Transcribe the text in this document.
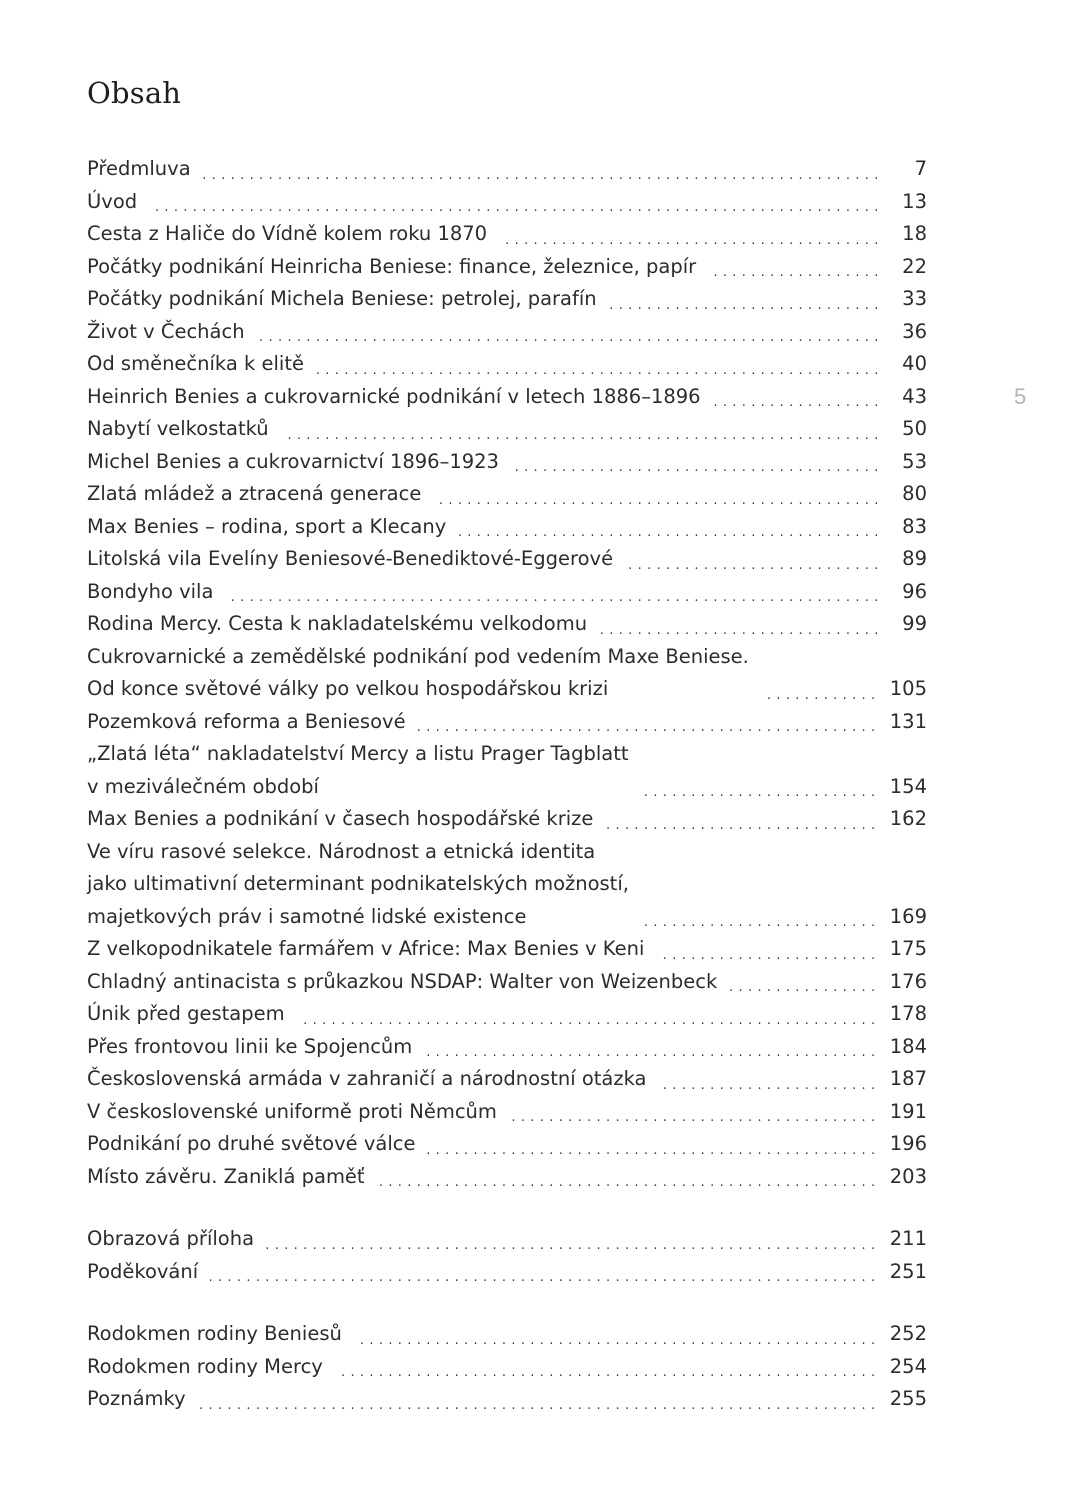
Obsah
5
Předmluva . . .	7
Úvod . . .	13
Cesta z Haliče do Vídně kolem roku 1870 . . .	18
Počátky podnikání Heinricha Beniese: finance, železnice, papír . . .	22
Počátky podnikání Michela Beniese: petrolej, parafín . . .	33
Život v Čechách . . .	36
Od směnečníka k elitě . . .	40
Heinrich Benies a cukrovarnické podnikání v letech 1886–1896 . . .	43
Nabytí velkostatků . . .	50
Michel Benies a cukrovarnictví 1896–1923 . . .	53
Zlatá mládež a ztracená generace . . .	80
Max Benies – rodina, sport a Klecany . . .	83
Litolská vila Evelíny Beniesové-Benediktové-Eggerové . . .	89
Bondyho vila . . .	96
Rodina Mercy. Cesta k nakladatelskému velkodomu . . .	99
Cukrovarnické a zemědělské podnikání pod vedením Maxe Beniese.
Od konce světové války po velkou hospodářskou krizi . . .	105
Pozemková reforma a Beniesové . . .	131
„Zlatá léta“ nakladatelství Mercy a listu Prager Tagblatt
v meziválečném období . . .	154
Max Benies a podnikání v časech hospodářské krize . . .	162
Ve víru rasové selekce. Národnost a etnická identita
jako ultimativní determinant podnikatelských možností,
majetkových práv i samotné lidské existence . . .	169
Z velkopodnikatele farmářem v Africe: Max Benies v Keni . . .	175
Chladný antinacista s průkazkou NSDAP: Walter von Weizenbeck . . .	176
Únik před gestapem . . .	178
Přes frontovou linii ke Spojencům . . .	184
Československá armáda v zahraničí a národnostní otázka . . .	187
V československé uniformě proti Němcům . . .	191
Podnikání po druhé světové válce . . .	196
Místo závěru. Zaniklá paměť . . .	203
Obrazová příloha . . .	211
Poděkování . . .	251
Rodokmen rodiny Beniesů . . .	252
Rodokmen rodiny Mercy . . .	254
Poznámky . . .	255
